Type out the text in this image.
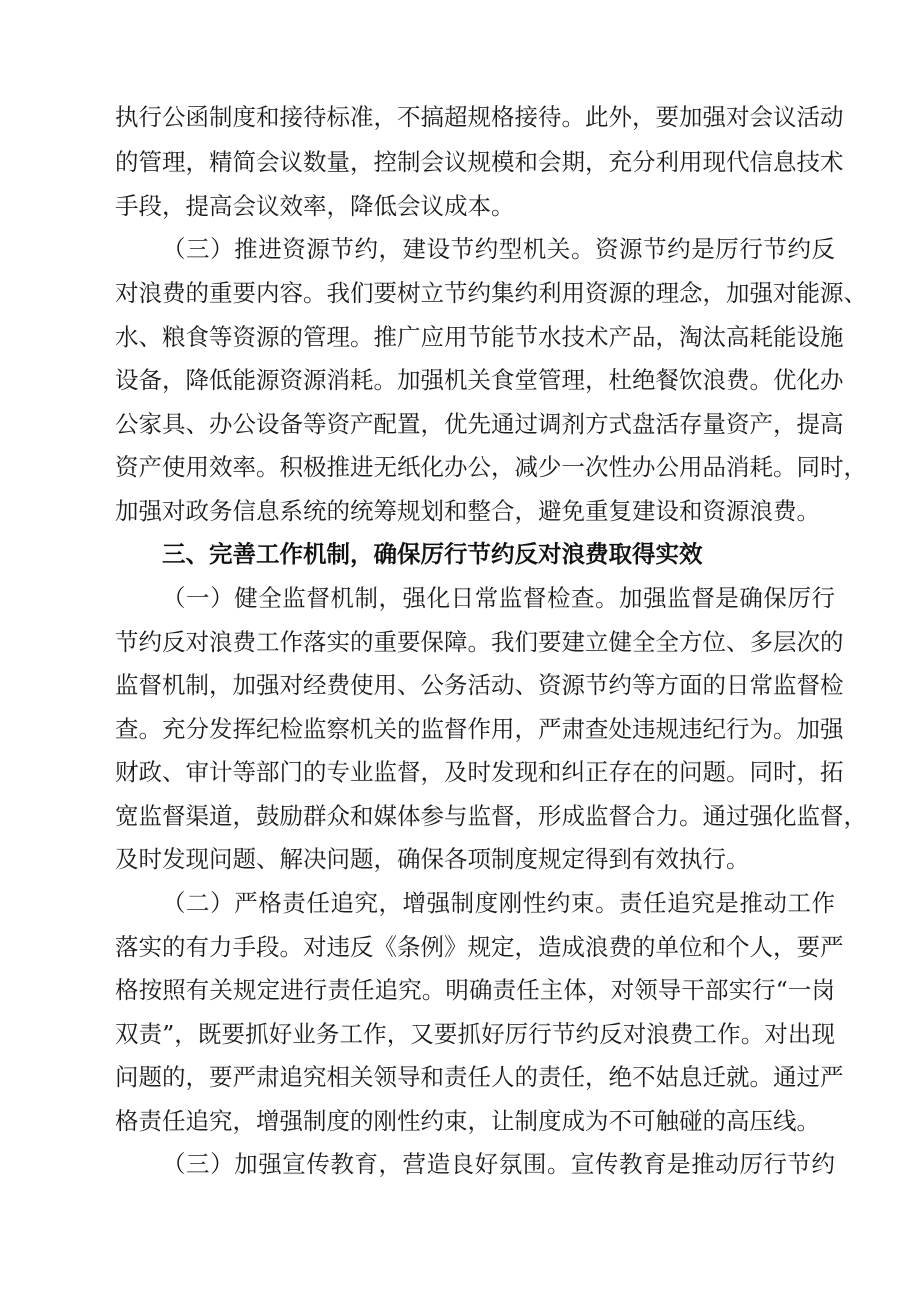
执行公函制度和接待标准，不搞超规格接待。此外，要加强对会议活动
的管理，精简会议数量，控制会议规模和会期，充分利用现代信息技术
手段，提高会议效率，降低会议成本。
（三）推进资源节约，建设节约型机关。资源节约是厉行节约反
对浪费的重要内容。我们要树立节约集约利用资源的理念，加强对能源、
水、粮食等资源的管理。推广应用节能节水技术产品，淘汰高耗能设施
设备，降低能源资源消耗。加强机关食堂管理，杜绝餐饮浪费。优化办
公家具、办公设备等资产配置，优先通过调剂方式盘活存量资产，提高
资产使用效率。积极推进无纸化办公，减少一次性办公用品消耗。同时，
加强对政务信息系统的统筹规划和整合，避免重复建设和资源浪费。
三、完善工作机制，确保厉行节约反对浪费取得实效
（一）健全监督机制，强化日常监督检查。加强监督是确保厉行
节约反对浪费工作落实的重要保障。我们要建立健全全方位、多层次的
监督机制，加强对经费使用、公务活动、资源节约等方面的日常监督检
查。充分发挥纪检监察机关的监督作用，严肃查处违规违纪行为。加强
财政、审计等部门的专业监督，及时发现和纠正存在的问题。同时，拓
宽监督渠道，鼓励群众和媒体参与监督，形成监督合力。通过强化监督，
及时发现问题、解决问题，确保各项制度规定得到有效执行。
（二）严格责任追究，增强制度刚性约束。责任追究是推动工作
落实的有力手段。对违反《条例》规定，造成浪费的单位和个人，要严
格按照有关规定进行责任追究。明确责任主体，对领导干部实行“一岗
双责”，既要抓好业务工作，又要抓好厉行节约反对浪费工作。对出现
问题的，要严肃追究相关领导和责任人的责任，绝不姑息迁就。通过严
格责任追究，增强制度的刚性约束，让制度成为不可触碰的高压线。
（三）加强宣传教育，营造良好氛围。宣传教育是推动厉行节约
